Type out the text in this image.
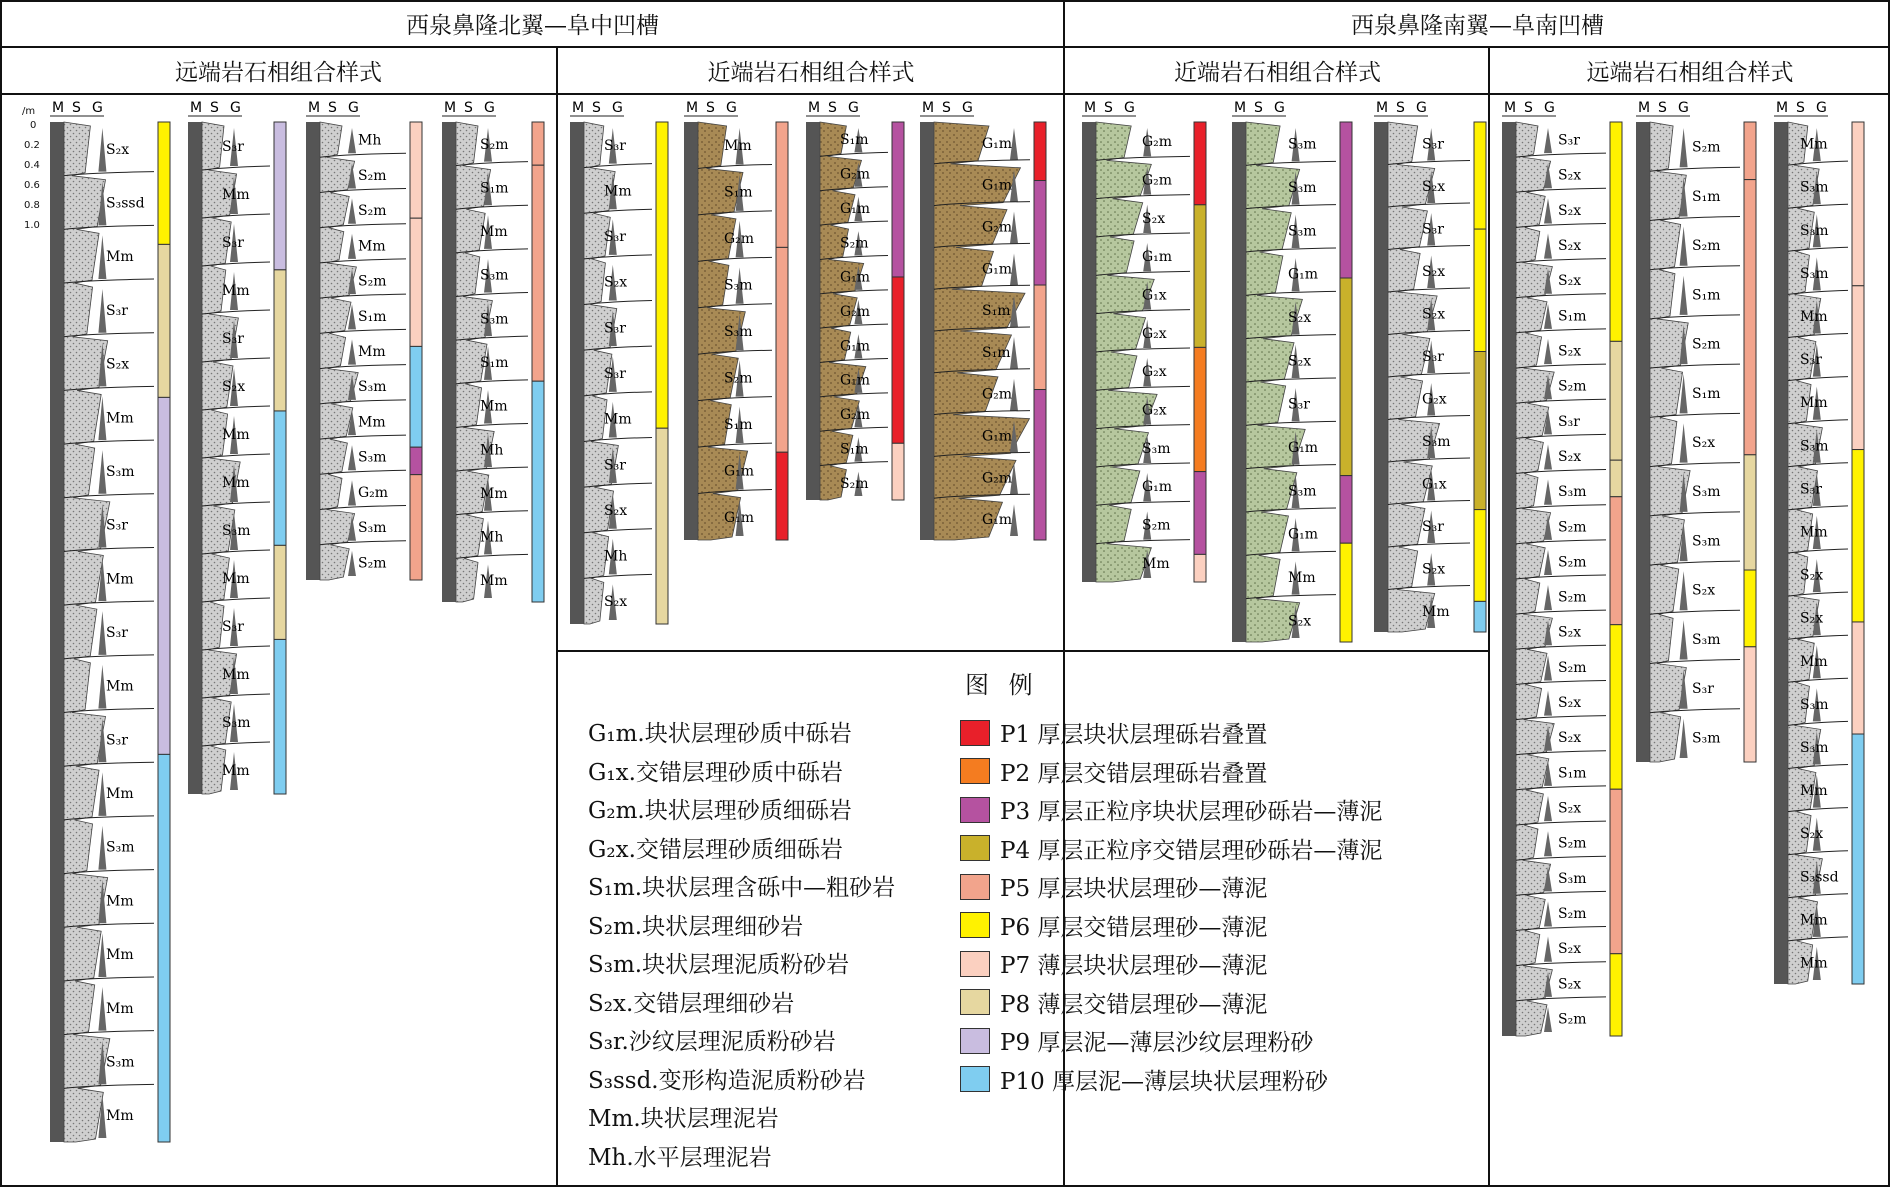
西泉鼻隆北翼—阜中凹槽	西泉鼻隆南翼—阜南凹槽
远端岩石相组合样式	近端岩石相组合样式	近端岩石相组合样式	远端岩石相组合样式
M S G
S₂x
S₃ssd
Mm
S₃r
S₂x
Mm
S₃m
S₃r
Mm
S₃r
Mm
S₃r
Mm
S₃m
Mm
Mm
Mm
S₃m
Mm
M S G
S₃r
Mm
S₃r
Mm
S₃r
S₂x
Mm
Mm
S₃m
Mm
S₃r
Mm
S₃m
Mm
M S G
Mh
S₂m
S₂m
Mm
S₂m
S₁m
Mm
S₃m
Mm
S₃m
G₂m
S₃m
S₂m
M S G
S₂m
S₁m
Mm
S₃m
S₃m
S₁m
Mm
Mh
Mm
Mh
Mm
M S G
S₃r
Mm
S₃r
S₂x
S₃r
S₃r
Mm
S₃r
S₂x
Mh
S₂x
M S G
Mm
S₁m
G₂m
S₃m
S₃m
S₂m
S₁m
G₁m
G₁m
M S G
S₁m
G₂m
G₁m
S₂m
G₁m
G₂m
G₁m
G₁m
G₂m
S₁m
S₂m
M S G
G₁m
G₁m
G₂m
G₁m
S₁m
S₁m
G₂m
G₁m
G₂m
G₁m
M S G
G₂m
G₂m
S₂x
G₁m
G₁x
G₂x
G₂x
G₂x
S₃m
G₁m
S₂m
Mm
M S G
S₃m
S₃m
S₃m
G₁m
S₂x
S₂x
S₃r
G₁m
S₃m
G₁m
Mm
S₂x
M S G
S₃r
S₂x
S₃r
S₂x
S₂x
S₃r
G₂x
S₃m
G₁x
S₃r
S₂x
Mm
M S G
S₃r
S₂x
S₂x
S₂x
S₂x
S₁m
S₂x
S₂m
S₃r
S₂x
S₃m
S₂m
S₂m
S₂m
S₂x
S₂m
S₂x
S₂x
S₁m
S₂x
S₂m
S₃m
S₂m
S₂x
S₂x
S₂m
M S G
S₂m
S₁m
S₂m
S₁m
S₂m
S₁m
S₂x
S₃m
S₃m
S₂x
S₃m
S₃r
S₃m
M S G
Mm
S₃m
S₃m
S₃m
Mm
S₃r
Mm
S₃m
S₃r
Mm
S₂x
S₂x
Mm
S₃m
S₃m
Mm
S₂x
S₃ssd
Mm
Mm
/m
0
0.2
0.4
0.6
0.8
1.0
图 例
G₁m.块状层理砂质中砾岩
G₁x.交错层理砂质中砾岩
G₂m.块状层理砂质细砾岩
G₂x.交错层理砂质细砾岩
S₁m.块状层理含砾中—粗砂岩
S₂m.块状层理细砂岩
S₃m.块状层理泥质粉砂岩
S₂x.交错层理细砂岩
S₃r.沙纹层理泥质粉砂岩
S₃ssd.变形构造泥质粉砂岩
Mm.块状层理泥岩
Mh.水平层理泥岩
P1 厚层块状层理砾岩叠置
P2 厚层交错层理砾岩叠置
P3 厚层正粒序块状层理砂砾岩—薄泥
P4 厚层正粒序交错层理砂砾岩—薄泥
P5 厚层块状层理砂—薄泥
P6 厚层交错层理砂—薄泥
P7 薄层块状层理砂—薄泥
P8 薄层交错层理砂—薄泥
P9 厚层泥—薄层沙纹层理粉砂
P10 厚层泥—薄层块状层理粉砂
